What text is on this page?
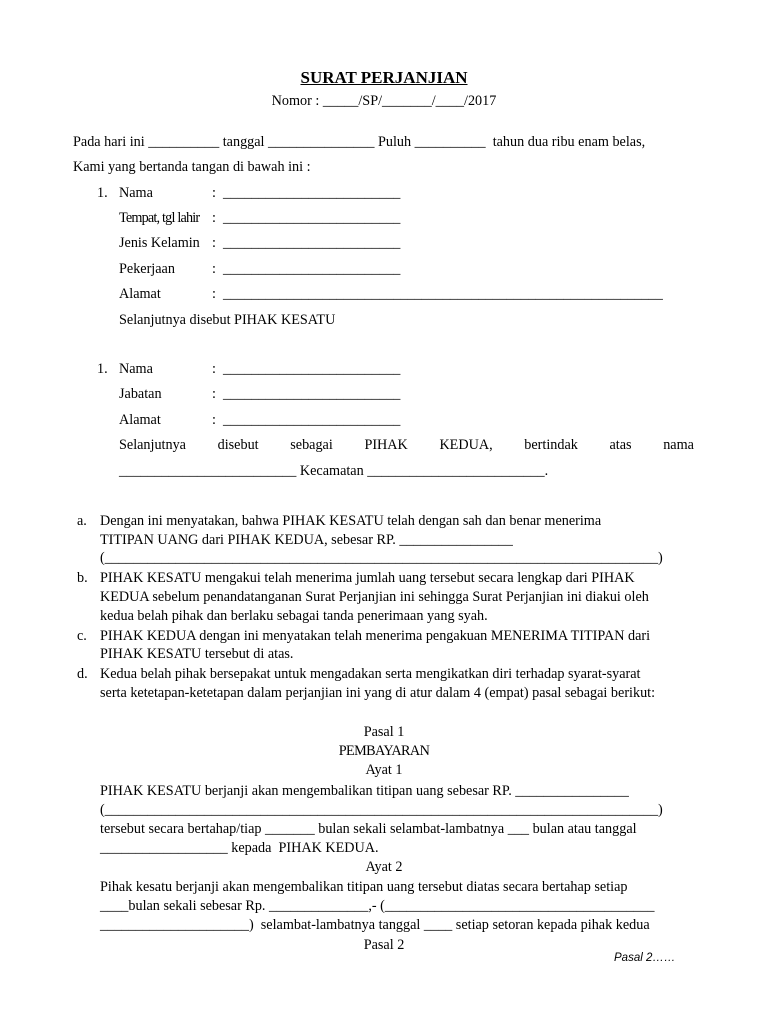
SURAT PERJANJIAN
Nomor : _____/SP/_______/____/2017
Pada hari ini __________ tanggal _______________ Puluh __________  tahun dua ribu enam belas,
Kami yang bertanda tangan di bawah ini :
1. Nama	:  _________________________
Tempat, tgl lahir :  _________________________
Jenis Kelamin :  _________________________
Pekerjaan	:  _________________________
Alamat	:  ______________________________________________________________
Selanjutnya disebut PIHAK KESATU
1. Nama	:  _________________________
Jabatan	:  _________________________
Alamat	:  _________________________
Selanjutnya disebut sebagai PIHAK KEDUA, bertindak atas nama
_________________________ Kecamatan _________________________.
a. Dengan ini menyatakan, bahwa PIHAK KESATU telah dengan sah dan benar menerima
TITIPAN UANG dari PIHAK KEDUA, sebesar RP. ________________
(______________________________________________________________________________)
b. PIHAK KESATU mengakui telah menerima jumlah uang tersebut secara lengkap dari PIHAK
KEDUA sebelum penandatanganan Surat Perjanjian ini sehingga Surat Perjanjian ini diakui oleh
kedua belah pihak dan berlaku sebagai tanda penerimaan yang syah.
c. PIHAK KEDUA dengan ini menyatakan telah menerima pengakuan MENERIMA TITIPAN dari
PIHAK KESATU tersebut di atas.
d. Kedua belah pihak bersepakat untuk mengadakan serta mengikatkan diri terhadap syarat-syarat
serta ketetapan-ketetapan dalam perjanjian ini yang di atur dalam 4 (empat) pasal sebagai berikut:
Pasal 1
PEMBAYARAN
Ayat 1
PIHAK KESATU berjanji akan mengembalikan titipan uang sebesar RP. ________________
(______________________________________________________________________________)
tersebut secara bertahap/tiap _______ bulan sekali selambat-lambatnya ___ bulan atau tanggal
__________________ kepada  PIHAK KEDUA.
Ayat 2
Pihak kesatu berjanji akan mengembalikan titipan uang tersebut diatas secara bertahap setiap
____bulan sekali sebesar Rp. ______________,- (______________________________________
_____________________)  selambat-lambatnya tanggal ____ setiap setoran kepada pihak kedua
Pasal 2
Pasal 2……
